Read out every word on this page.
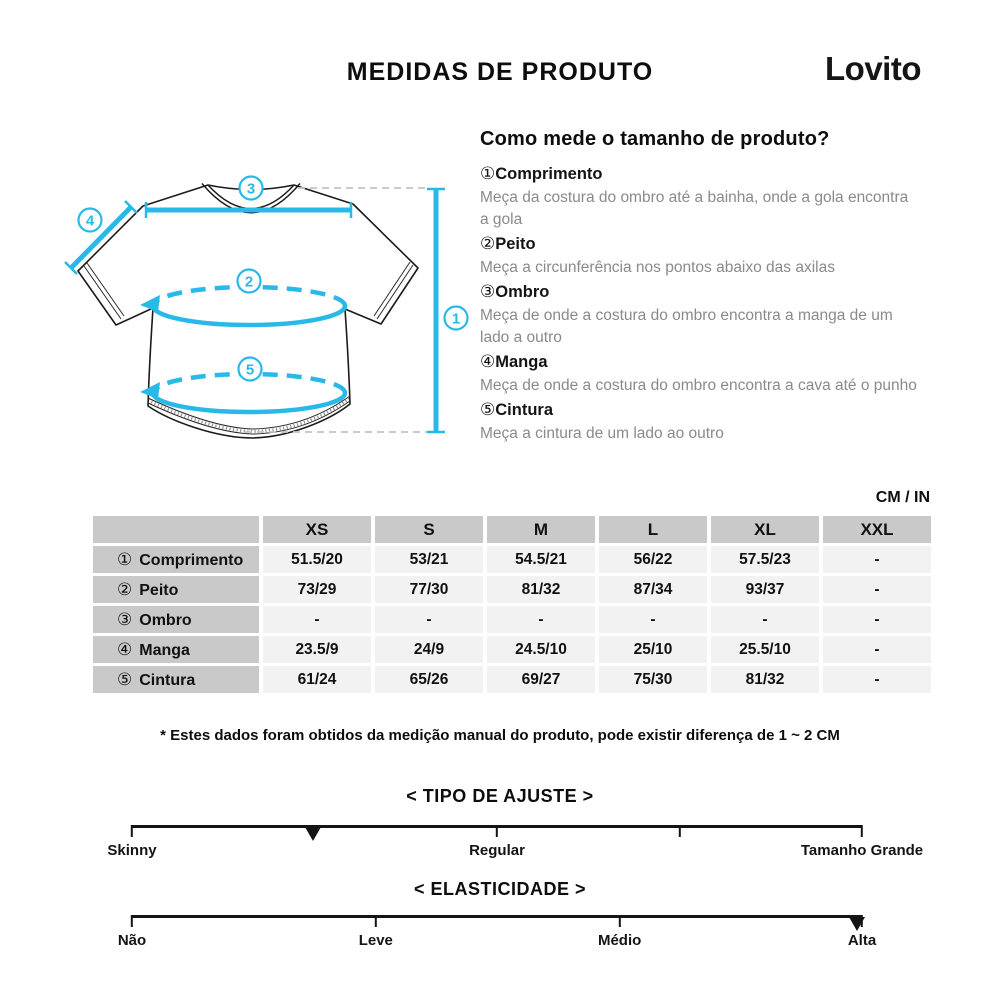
MEDIDAS DE PRODUTO	Lovito
3
4
2
5
1
Como mede o tamanho de produto?
①Comprimento
Meça da costura do ombro até a bainha, onde a gola encontra a gola
②Peito
Meça a circunferência nos pontos abaixo das axilas
③Ombro
Meça de onde a costura do ombro encontra a manga de um lado a outro
④Manga
Meça de onde a costura do ombro encontra a cava até o punho
⑤Cintura
Meça a cintura de um lado ao outro
CM / IN
	XS	S	M	L	XL	XXL
① Comprimento	51.5/20	53/21	54.5/21	56/22	57.5/23	-
② Peito	73/29	77/30	81/32	87/34	93/37	-
③ Ombro	-	-	-	-	-	-
④ Manga	23.5/9	24/9	24.5/10	25/10	25.5/10	-
⑤ Cintura	61/24	65/26	69/27	75/30	81/32	-
* Estes dados foram obtidos da medição manual do produto, pode existir diferença de 1 ~ 2 CM
< TIPO DE AJUSTE >
Skinny	Regular	Tamanho Grande
< ELASTICIDADE >
Não	Leve	Médio	Alta
